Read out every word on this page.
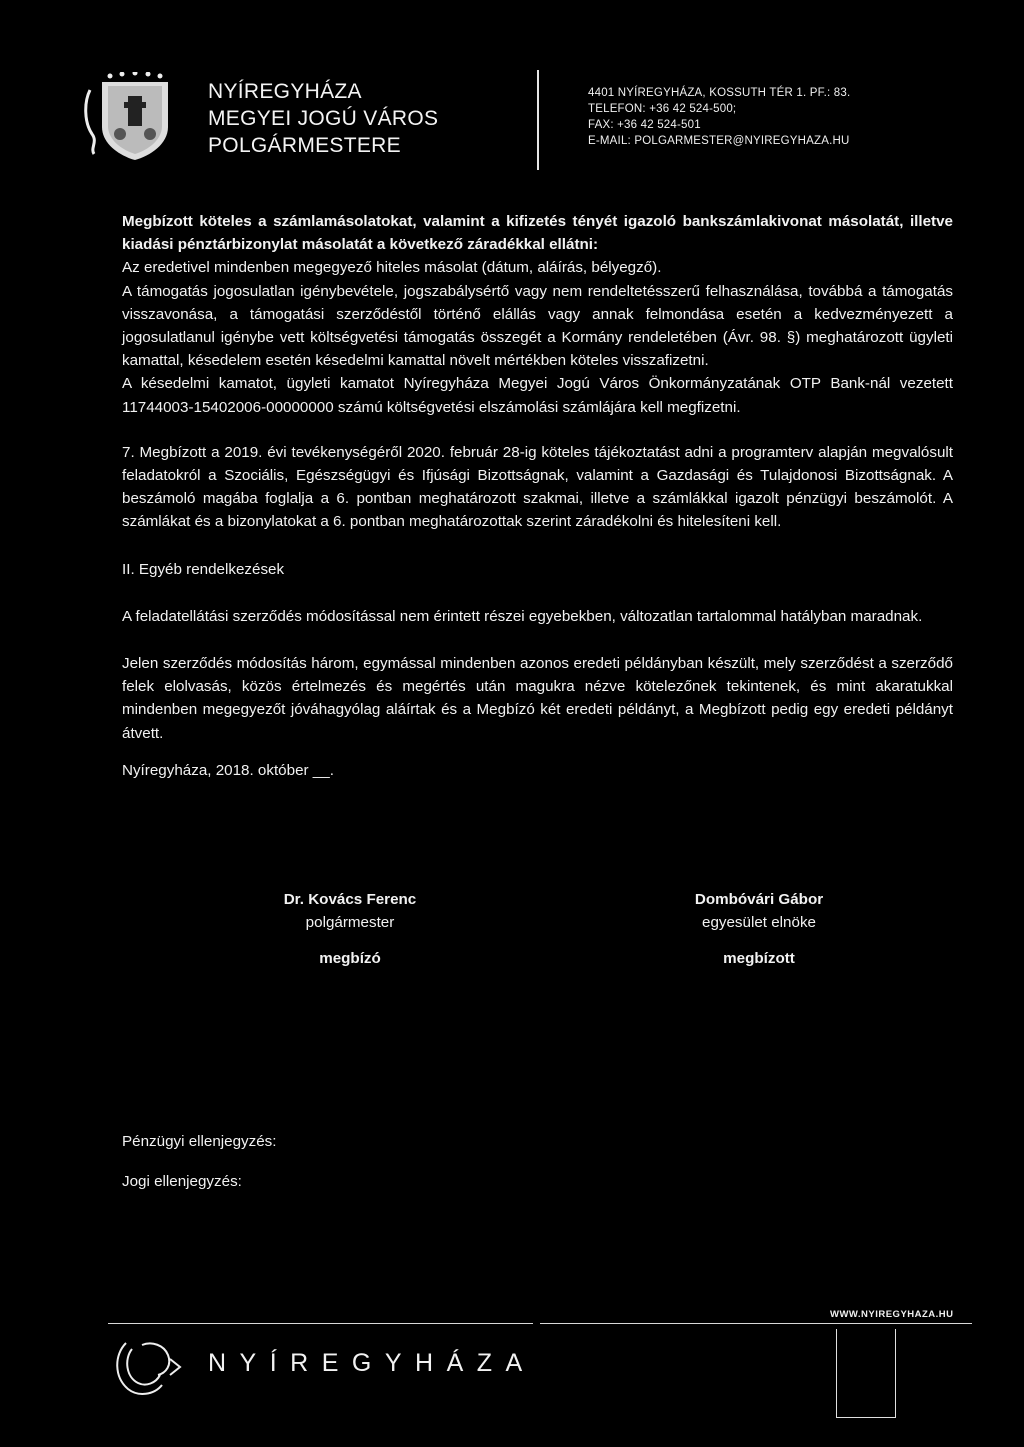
NYÍREGYHÁZA
MEGYEI JOGÚ VÁROS
POLGÁRMESTERE
4401 NYÍREGYHÁZA, KOSSUTH TÉR 1. PF.: 83.
TELEFON: +36 42 524-500;
FAX: +36 42 524-501
E-MAIL: POLGARMESTER@NYIREGYHAZA.HU

Megbízott köteles a számlamásolatokat, valamint a kifizetés tényét igazoló bankszámlakivonat másolatát, illetve kiadási pénztárbizonylat másolatát a következő záradékkal ellátni:

Az eredetivel mindenben megegyező hiteles másolat (dátum, aláírás, bélyegző).

A támogatás jogosulatlan igénybevétele, jogszabálysértő vagy nem rendeltetésszerű felhasználása, továbbá a támogatás visszavonása, a támogatási szerződéstől történő elállás vagy annak felmondása esetén a kedvezményezett a jogosulatlanul igénybe vett költségvetési támogatás összegét a Kormány rendeletében (Ávr. 98. §) meghatározott ügyleti kamattal, késedelem esetén késedelmi kamattal növelt mértékben köteles visszafizetni.

A késedelmi kamatot, ügyleti kamatot Nyíregyháza Megyei Jogú Város Önkormányzatának OTP Bank-nál vezetett 11744003-15402006-00000000 számú költségvetési elszámolási számlájára kell megfizetni.

7. Megbízott a 2019. évi tevékenységéről 2020. február 28-ig köteles tájékoztatást adni a programterv alapján megvalósult feladatokról a Szociális, Egészségügyi és Ifjúsági Bizottságnak, valamint a Gazdasági és Tulajdonosi Bizottságnak. A beszámoló magába foglalja a 6. pontban meghatározott szakmai, illetve a számlákkal igazolt pénzügyi beszámolót. A számlákat és a bizonylatokat a 6. pontban meghatározottak szerint záradékolni és hitelesíteni kell.

II. Egyéb rendelkezések

A feladatellátási szerződés módosítással nem érintett részei egyebekben, változatlan tartalommal hatályban maradnak.

Jelen szerződés módosítás három, egymással mindenben azonos eredeti példányban készült, mely szerződést a szerződő felek elolvasás, közös értelmezés és megértés után magukra nézve kötelezőnek tekintenek, és mint akaratukkal mindenben megegyezőt jóváhagyólag aláírtak és a Megbízó két eredeti példányt, a Megbízott pedig egy eredeti példányt átvett.

Nyíregyháza, 2018. október __.

Dr. Kovács Ferenc
polgármester
megbízó
Dombóvári Gábor
egyesület elnöke
megbízott
Pénzügyi ellenjegyzés:
Jogi ellenjegyzés:
WWW.NYIREGYHAZA.HU
NYÍREGYHÁZA
